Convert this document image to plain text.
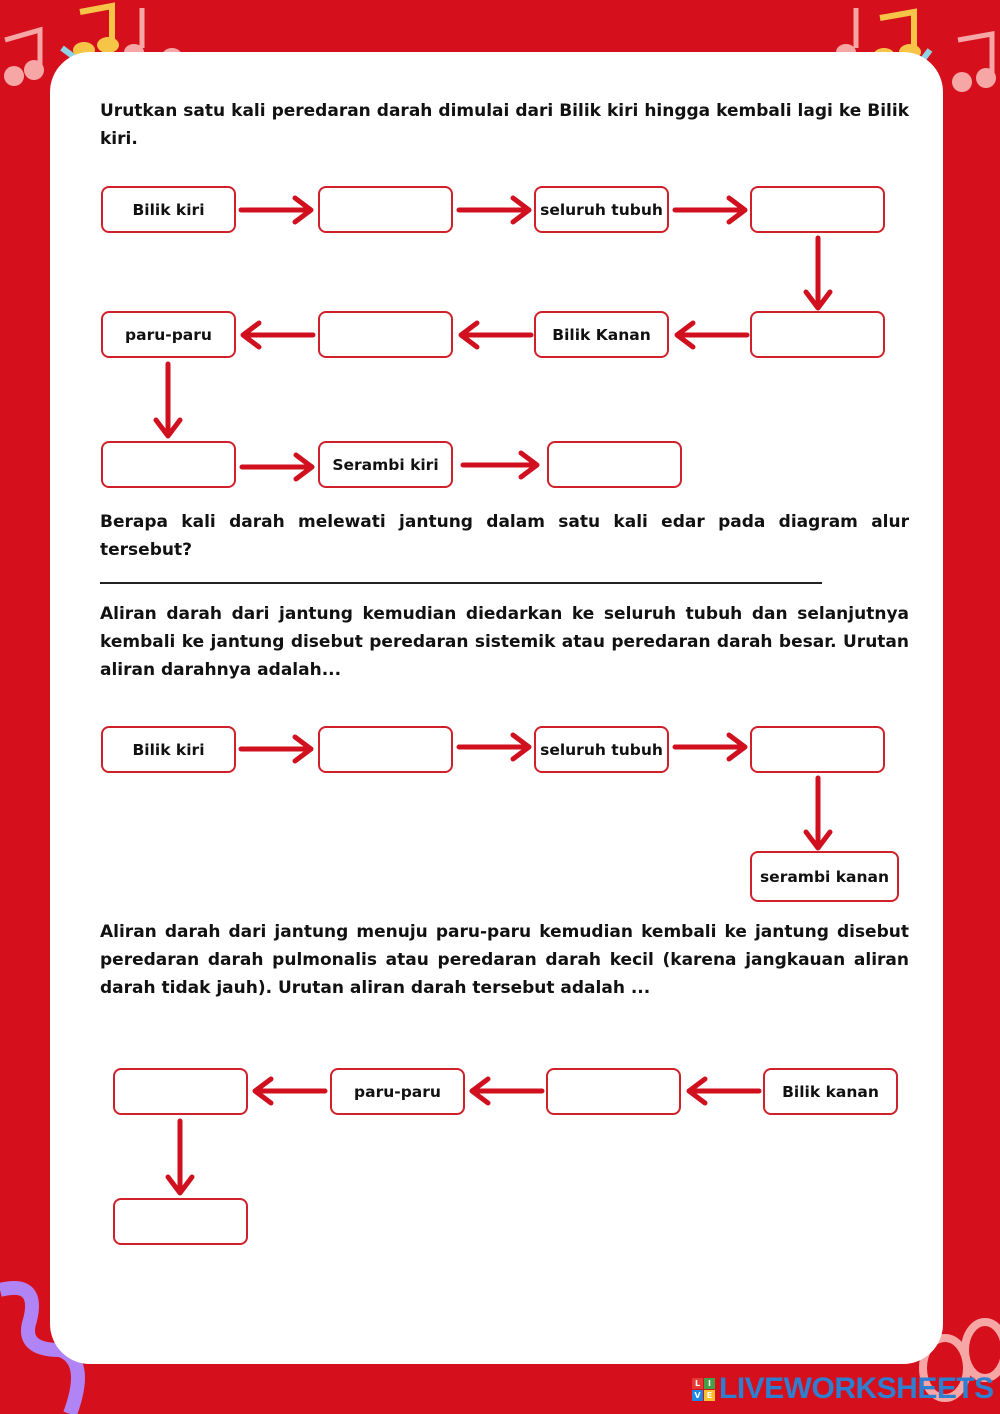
Urutkan satu kali peredaran darah dimulai dari Bilik kiri hingga kembali lagi ke Bilik kiri.

Bilik kiri	seluruh tubuh
Bilik Kanan
paru-paru
Serambi kiri

Berapa kali darah melewati jantung dalam satu kali edar pada diagram alur tersebut?

Aliran darah dari jantung kemudian diedarkan ke seluruh tubuh dan selanjutnya kembali ke jantung disebut peredaran sistemik atau peredaran darah besar. Urutan aliran darahnya adalah...

Bilik kiri	seluruh tubuh
serambi kanan

Aliran darah dari jantung menuju paru-paru kemudian kembali ke jantung disebut peredaran darah pulmonalis atau peredaran darah kecil (karena jangkauan aliran darah tidak jauh). Urutan aliran darah tersebut adalah ...

paru-paru	Bilik kanan
L I
V E LIVEWORKSHEETS
